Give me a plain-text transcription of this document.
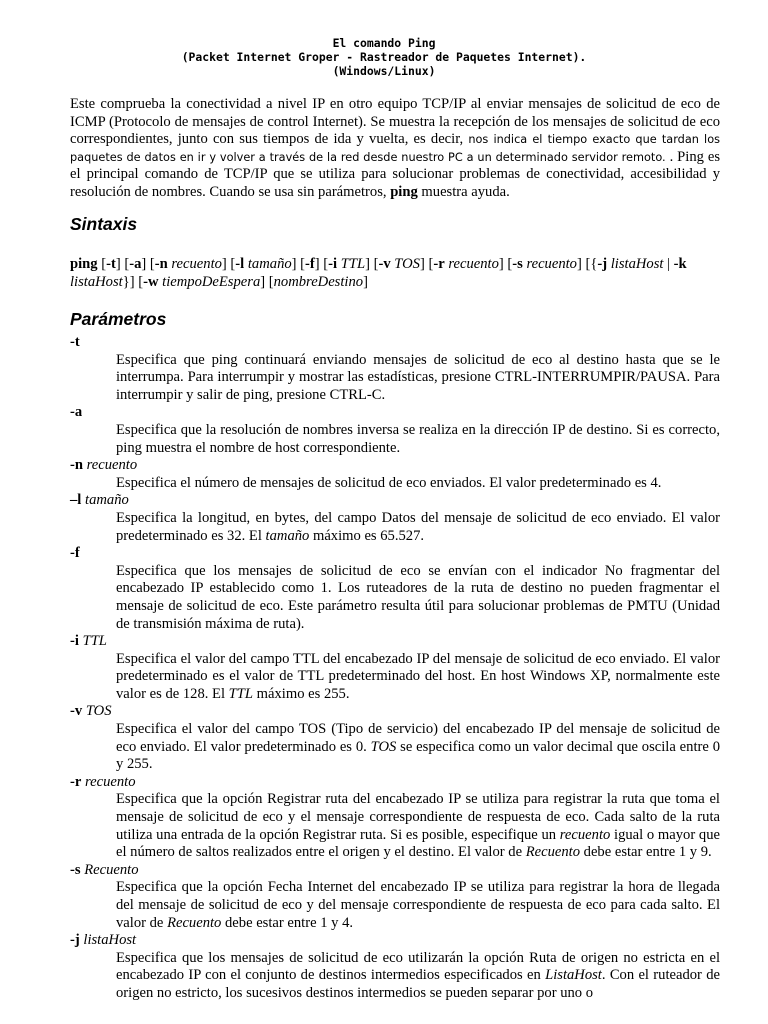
El comando Ping
(Packet Internet Groper - Rastreador de Paquetes Internet).
(Windows/Linux)
Este comprueba la conectividad a nivel IP en otro equipo TCP/IP al enviar mensajes de solicitud de eco de ICMP (Protocolo de mensajes de control Internet). Se muestra la recepción de los mensajes de solicitud de eco correspondientes, junto con sus tiempos de ida y vuelta, es decir, nos indica el tiempo exacto que tardan los paquetes de datos en ir y volver a través de la red desde nuestro PC a un determinado servidor remoto. . Ping es el principal comando de TCP/IP que se utiliza para solucionar problemas de conectividad, accesibilidad y resolución de nombres. Cuando se usa sin parámetros, ping muestra ayuda.
Sintaxis
ping [-t] [-a] [-n recuento] [-l tamaño] [-f] [-i TTL] [-v TOS] [-r recuento] [-s recuento] [{-j listaHost | -k listaHost}] [-w tiempoDeEspera] [nombreDestino]
Parámetros
-t
Especifica que ping continuará enviando mensajes de solicitud de eco al destino hasta que se le interrumpa. Para interrumpir y mostrar las estadísticas, presione CTRL-INTERRUMPIR/PAUSA. Para interrumpir y salir de ping, presione CTRL-C.
-a
Especifica que la resolución de nombres inversa se realiza en la dirección IP de destino. Si es correcto, ping muestra el nombre de host correspondiente.
-n recuento
Especifica el número de mensajes de solicitud de eco enviados. El valor predeterminado es 4.
–l tamaño
Especifica la longitud, en bytes, del campo Datos del mensaje de solicitud de eco enviado. El valor predeterminado es 32. El tamaño máximo es 65.527.
-f
Especifica que los mensajes de solicitud de eco se envían con el indicador No fragmentar del encabezado IP establecido como 1. Los ruteadores de la ruta de destino no pueden fragmentar el mensaje de solicitud de eco. Este parámetro resulta útil para solucionar problemas de PMTU (Unidad de transmisión máxima de ruta).
-i TTL
Especifica el valor del campo TTL del encabezado IP del mensaje de solicitud de eco enviado. El valor predeterminado es el valor de TTL predeterminado del host. En host Windows XP, normalmente este valor es de 128. El TTL máximo es 255.
-v TOS
Especifica el valor del campo TOS (Tipo de servicio) del encabezado IP del mensaje de solicitud de eco enviado. El valor predeterminado es 0. TOS se especifica como un valor decimal que oscila entre 0 y 255.
-r recuento
Especifica que la opción Registrar ruta del encabezado IP se utiliza para registrar la ruta que toma el mensaje de solicitud de eco y el mensaje correspondiente de respuesta de eco. Cada salto de la ruta utiliza una entrada de la opción Registrar ruta. Si es posible, especifique un recuento igual o mayor que el número de saltos realizados entre el origen y el destino. El valor de Recuento debe estar entre 1 y 9.
-s Recuento
Especifica que la opción Fecha Internet del encabezado IP se utiliza para registrar la hora de llegada del mensaje de solicitud de eco y del mensaje correspondiente de respuesta de eco para cada salto. El valor de Recuento debe estar entre 1 y 4.
-j listaHost
Especifica que los mensajes de solicitud de eco utilizarán la opción Ruta de origen no estricta en el encabezado IP con el conjunto de destinos intermedios especificados en ListaHost. Con el ruteador de origen no estricto, los sucesivos destinos intermedios se pueden separar por uno o
